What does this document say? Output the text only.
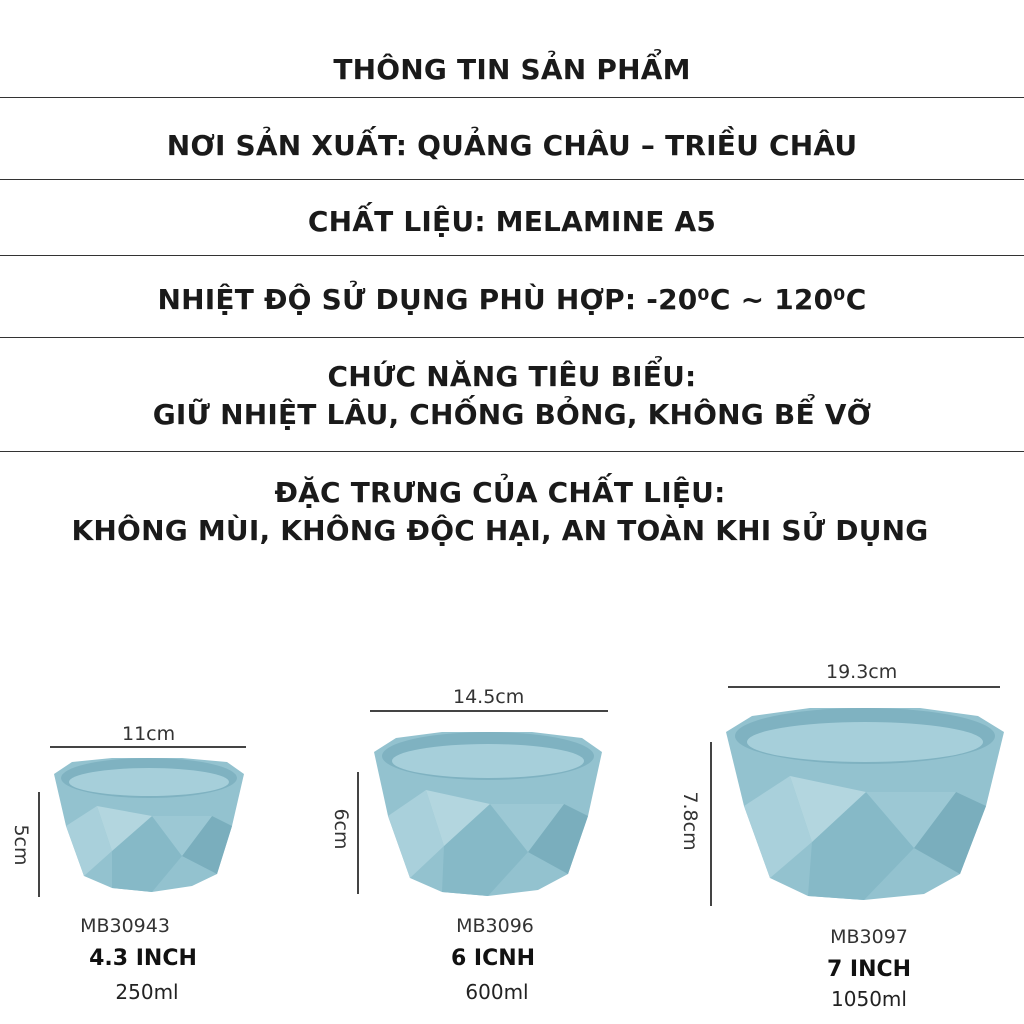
THÔNG TIN SẢN PHẨM
NƠI SẢN XUẤT: QUẢNG CHÂU – TRIỀU CHÂU
CHẤT LIỆU: MELAMINE A5
NHIỆT ĐỘ SỬ DỤNG PHÙ HỢP: -20⁰C ~ 120⁰C
CHỨC NĂNG TIÊU BIỂU:
GIỮ NHIỆT LÂU, CHỐNG BỎNG, KHÔNG BỂ VỠ
ĐẶC TRƯNG CỦA CHẤT LIỆU:
KHÔNG MÙI, KHÔNG ĐỘC HẠI, AN TOÀN KHI SỬ DỤNG
11cm
5cm
MB30943
4.3 INCH
250ml
14.5cm
6cm
MB3096
6 ICNH
600ml
19.3cm
7.8cm
MB3097
7 INCH
1050ml
